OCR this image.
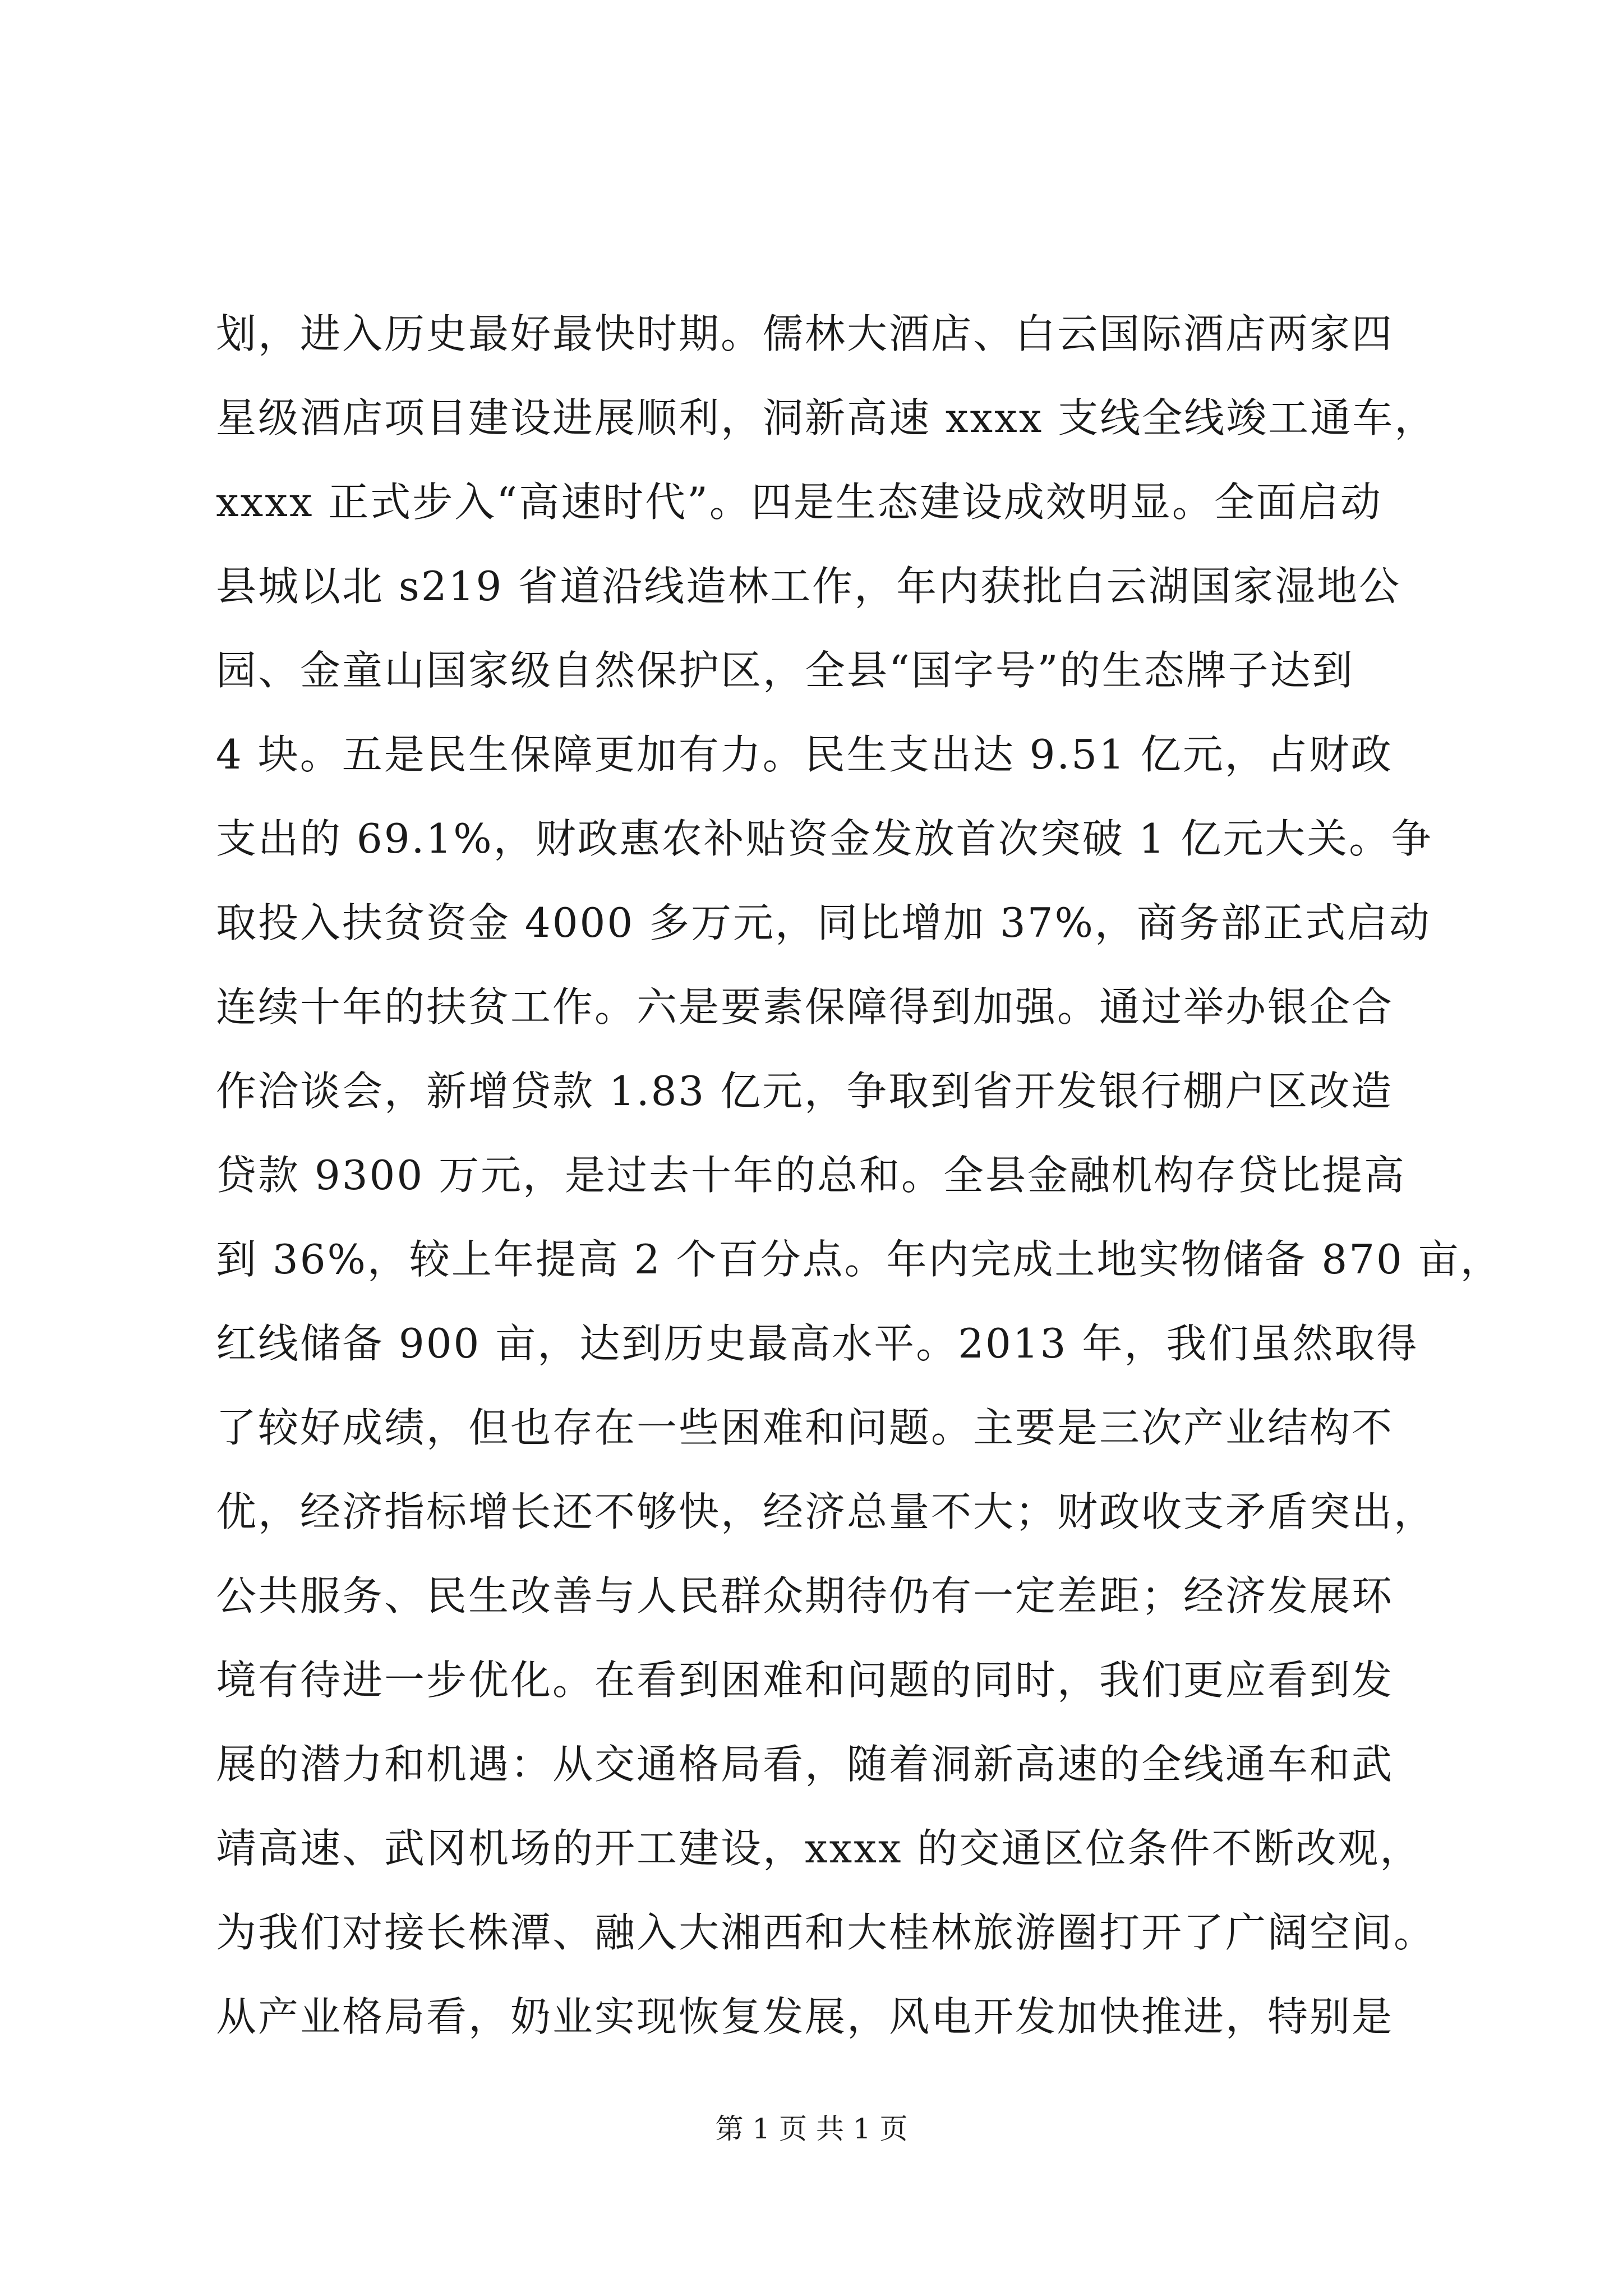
划，进入历史最好最快时期。儒林大酒店、白云国际酒店两家四
星级酒店项目建设进展顺利，洞新高速 xxxx 支线全线竣工通车，
xxxx 正式步入“高速时代”。四是生态建设成效明显。全面启动
县城以北 s219 省道沿线造林工作，年内获批白云湖国家湿地公
园、金童山国家级自然保护区，全县“国字号”的生态牌子达到
4 块。五是民生保障更加有力。民生支出达 9.51 亿元，占财政
支出的 69.1%，财政惠农补贴资金发放首次突破 1 亿元大关。争
取投入扶贫资金 4000 多万元，同比增加 37%，商务部正式启动
连续十年的扶贫工作。六是要素保障得到加强。通过举办银企合
作洽谈会，新增贷款 1.83 亿元，争取到省开发银行棚户区改造
贷款 9300 万元，是过去十年的总和。全县金融机构存贷比提高
到 36%，较上年提高 2 个百分点。年内完成土地实物储备 870 亩，
红线储备 900 亩，达到历史最高水平。2013 年，我们虽然取得
了较好成绩，但也存在一些困难和问题。主要是三次产业结构不
优，经济指标增长还不够快，经济总量不大；财政收支矛盾突出，
公共服务、民生改善与人民群众期待仍有一定差距；经济发展环
境有待进一步优化。在看到困难和问题的同时，我们更应看到发
展的潜力和机遇：从交通格局看，随着洞新高速的全线通车和武
靖高速、武冈机场的开工建设，xxxx 的交通区位条件不断改观，
为我们对接长株潭、融入大湘西和大桂林旅游圈打开了广阔空间。
从产业格局看，奶业实现恢复发展，风电开发加快推进，特别是
第 1 页 共 1 页
